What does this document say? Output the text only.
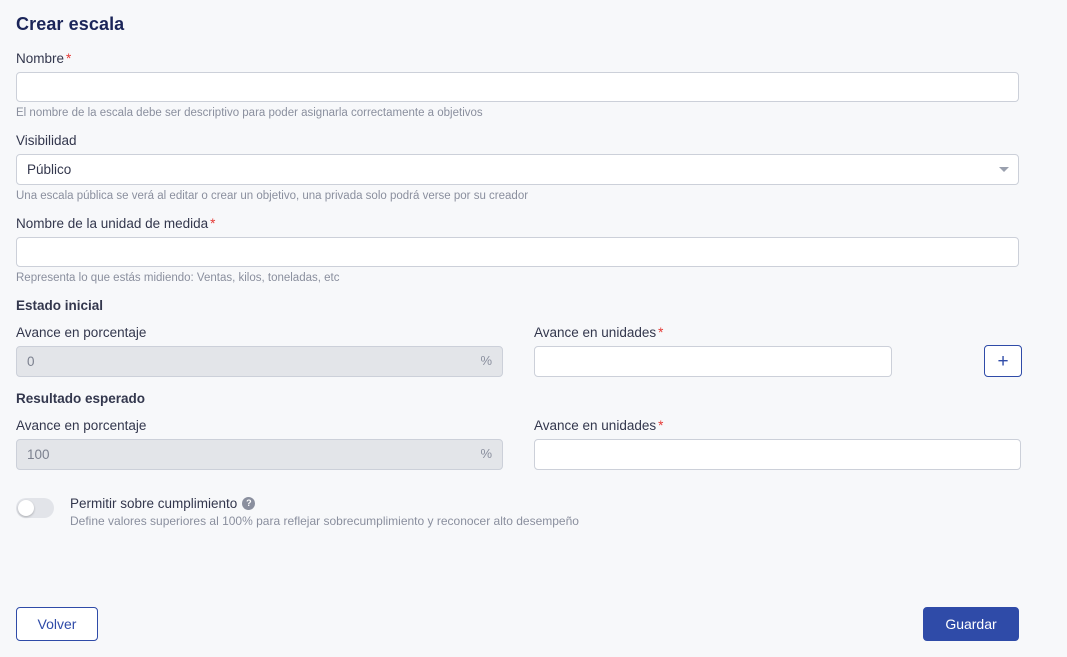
Crear escala
Nombre *
El nombre de la escala debe ser descriptivo para poder asignarla correctamente a objetivos
Visibilidad
Público
Una escala pública se verá al editar o crear un objetivo, una privada solo podrá verse por su creador
Nombre de la unidad de medida *
Representa lo que estás midiendo: Ventas, kilos, toneladas, etc
Estado inicial
Avance en porcentaje
0
%
Avance en unidades *
+
Resultado esperado
Avance en porcentaje
100
%
Avance en unidades *
Permitir sobre cumplimiento ?
Define valores superiores al 100% para reflejar sobrecumplimiento y reconocer alto desempeño
Volver	Guardar
